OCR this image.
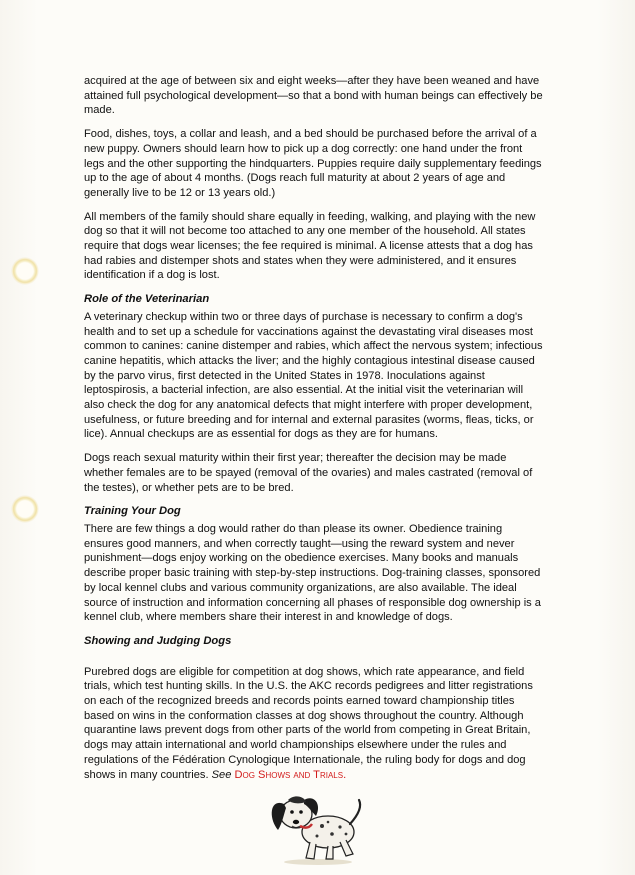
acquired at the age of between six and eight weeks—after they have been weaned and have attained full psychological development—so that a bond with human beings can effectively be made.

Food, dishes, toys, a collar and leash, and a bed should be purchased before the arrival of a new puppy. Owners should learn how to pick up a dog correctly: one hand under the front legs and the other supporting the hindquarters. Puppies require daily supplementary feedings up to the age of about 4 months. (Dogs reach full maturity at about 2 years of age and generally live to be 12 or 13 years old.)

All members of the family should share equally in feeding, walking, and playing with the new dog so that it will not become too attached to any one member of the household. All states require that dogs wear licenses; the fee required is minimal. A license attests that a dog has had rabies and distemper shots and states when they were administered, and it ensures identification if a dog is lost.

Role of the Veterinarian

A veterinary checkup within two or three days of purchase is necessary to confirm a dog's health and to set up a schedule for vaccinations against the devastating viral diseases most common to canines: canine distemper and rabies, which affect the nervous system; infectious canine hepatitis, which attacks the liver; and the highly contagious intestinal disease caused by the parvo virus, first detected in the United States in 1978. Inoculations against leptospirosis, a bacterial infection, are also essential. At the initial visit the veterinarian will also check the dog for any anatomical defects that might interfere with proper development, usefulness, or future breeding and for internal and external parasites (worms, fleas, ticks, or lice). Annual checkups are as essential for dogs as they are for humans.

Dogs reach sexual maturity within their first year; thereafter the decision may be made whether females are to be spayed (removal of the ovaries) and males castrated (removal of the testes), or whether pets are to be bred.

Training Your Dog

There are few things a dog would rather do than please its owner. Obedience training ensures good manners, and when correctly taught—using the reward system and never punishment—dogs enjoy working on the obedience exercises. Many books and manuals describe proper basic training with step-by-step instructions. Dog-training classes, sponsored by local kennel clubs and various community organizations, are also available. The ideal source of instruction and information concerning all phases of responsible dog ownership is a kennel club, where members share their interest in and knowledge of dogs.

Showing and Judging Dogs

Purebred dogs are eligible for competition at dog shows, which rate appearance, and field trials, which test hunting skills. In the U.S. the AKC records pedigrees and litter registrations on each of the recognized breeds and records points earned toward championship titles based on wins in the conformation classes at dog shows throughout the country. Although quarantine laws prevent dogs from other parts of the world from competing in Great Britain, dogs may attain international and world championships elsewhere under the rules and regulations of the Fédération Cynologique Internationale, the ruling body for dogs and dog shows in many countries. See Dog Shows and Trials.
